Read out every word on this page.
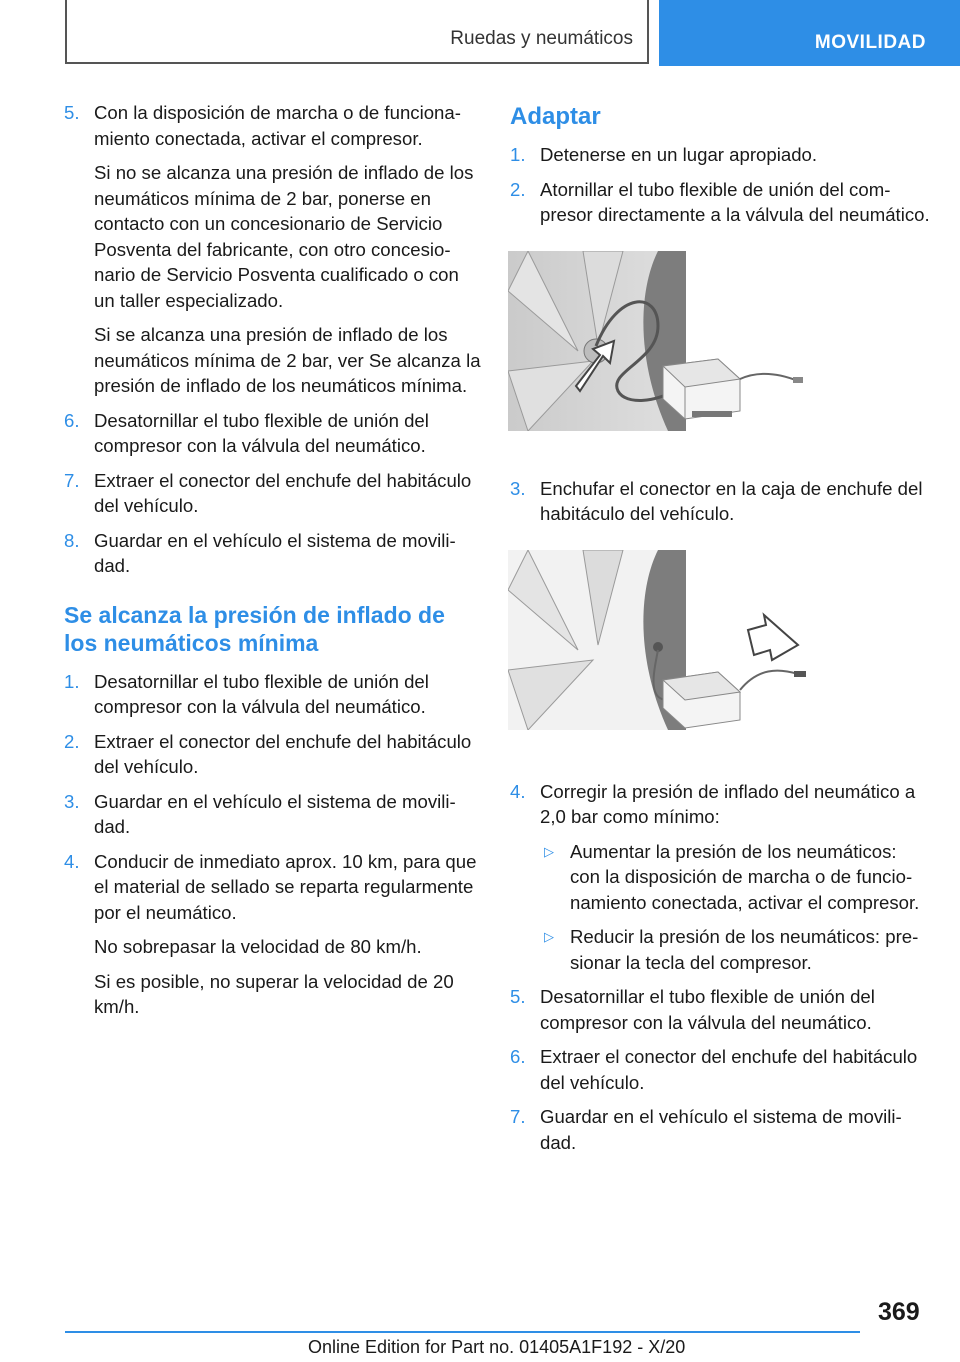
Ruedas y neumáticos	MOVILIDAD

5. Con la disposición de marcha o de funcionamiento conectada, activar el compresor.

Si no se alcanza una presión de inflado de los neumáticos mínima de 2 bar, ponerse en contacto con un concesionario de Servicio Posventa del fabricante, con otro concesionario de Servicio Posventa cualificado o con un taller especializado.

Si se alcanza una presión de inflado de los neumáticos mínima de 2 bar, ver Se alcanza la presión de inflado de los neumáticos mínima.

6. Desatornillar el tubo flexible de unión del compresor con la válvula del neumático.

7. Extraer el conector del enchufe del habitáculo del vehículo.

8. Guardar en el vehículo el sistema de movilidad.

Se alcanza la presión de inflado de los neumáticos mínima

1. Desatornillar el tubo flexible de unión del compresor con la válvula del neumático.

2. Extraer el conector del enchufe del habitáculo del vehículo.

3. Guardar en el vehículo el sistema de movilidad.

4. Conducir de inmediato aprox. 10 km, para que el material de sellado se reparta regularmente por el neumático.

No sobrepasar la velocidad de 80 km/h.

Si es posible, no superar la velocidad de 20 km/h.

Adaptar

1. Detenerse en un lugar apropiado.

2. Atornillar el tubo flexible de unión del compresor directamente a la válvula del neumático.

3. Enchufar el conector en la caja de enchufe del habitáculo del vehículo.

4. Corregir la presión de inflado del neumático a 2,0 bar como mínimo:

▷ Aumentar la presión de los neumáticos: con la disposición de marcha o de funcionamiento conectada, activar el compresor.

▷ Reducir la presión de los neumáticos: presionar la tecla del compresor.

5. Desatornillar el tubo flexible de unión del compresor con la válvula del neumático.

6. Extraer el conector del enchufe del habitáculo del vehículo.

7. Guardar en el vehículo el sistema de movilidad.

369
Online Edition for Part no. 01405A1F192 - X/20
